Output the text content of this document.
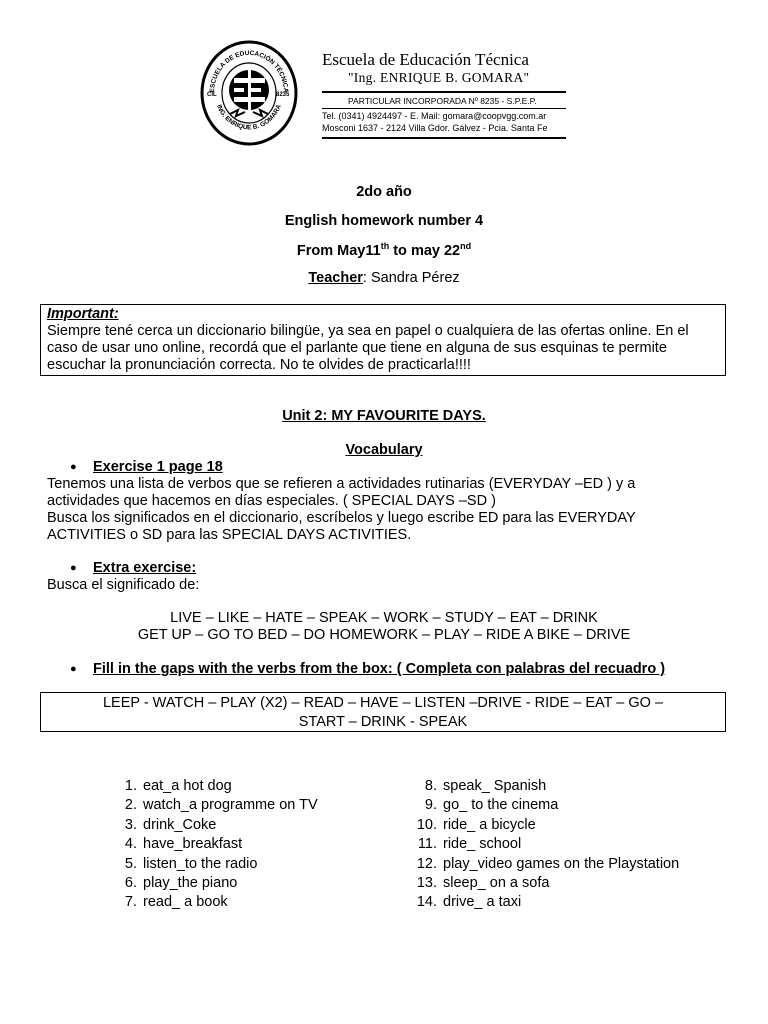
ESCUELA DE EDUCACIÓN TÉCNICA
ING. ENRIQUE B. GOMARA
CIL	8235
Escuela de Educación Técnica
"Ing. ENRIQUE B. GOMARA"
PARTICULAR INCORPORADA Nº 8235 - S.P.E.P.
Tel. (0341) 4924497 - E. Mail: gomara@coopvgg.com.ar
Mosconi 1637 - 2124 Villa Gdor. Gálvez - Pcia. Santa Fe
2do año
English homework number 4
From May11th to may 22nd
Teacher: Sandra Pérez
Important:
Siempre tené cerca un diccionario bilingüe, ya sea en papel o cualquiera de las ofertas online. En el caso de usar uno online, recordá que el parlante que tiene en alguna de sus esquinas te permite escuchar la pronunciación correcta. No te olvides de practicarla!!!!
Unit 2: MY FAVOURITE DAYS.
Vocabulary
● Exercise 1 page 18
Tenemos una lista de verbos que se refieren a actividades rutinarias (EVERYDAY –ED ) y a
actividades que hacemos en días especiales. ( SPECIAL DAYS –SD )
Busca los significados en el diccionario, escríbelos y luego escribe ED para las EVERYDAY
ACTIVITIES o SD para las SPECIAL DAYS ACTIVITIES.
● Extra exercise:
Busca el significado de:
LIVE – LIKE – HATE – SPEAK – WORK – STUDY – EAT – DRINK
GET UP – GO TO BED – DO HOMEWORK – PLAY – RIDE A BIKE – DRIVE
● Fill in the gaps with the verbs from the box: ( Completa con palabras del recuadro )
LEEP - WATCH – PLAY (X2) – READ – HAVE – LISTEN –DRIVE - RIDE – EAT – GO –
START – DRINK - SPEAK
1. eat_a hot dog
2. watch_a programme on TV
3. drink_Coke
4. have_breakfast
5. listen_to the radio
6. play_the piano
7. read_ a book
8. speak_ Spanish
9. go_ to the cinema
10. ride_ a bicycle
11. ride_ school
12. play_video games on the Playstation
13. sleep_ on a sofa
14. drive_ a taxi
